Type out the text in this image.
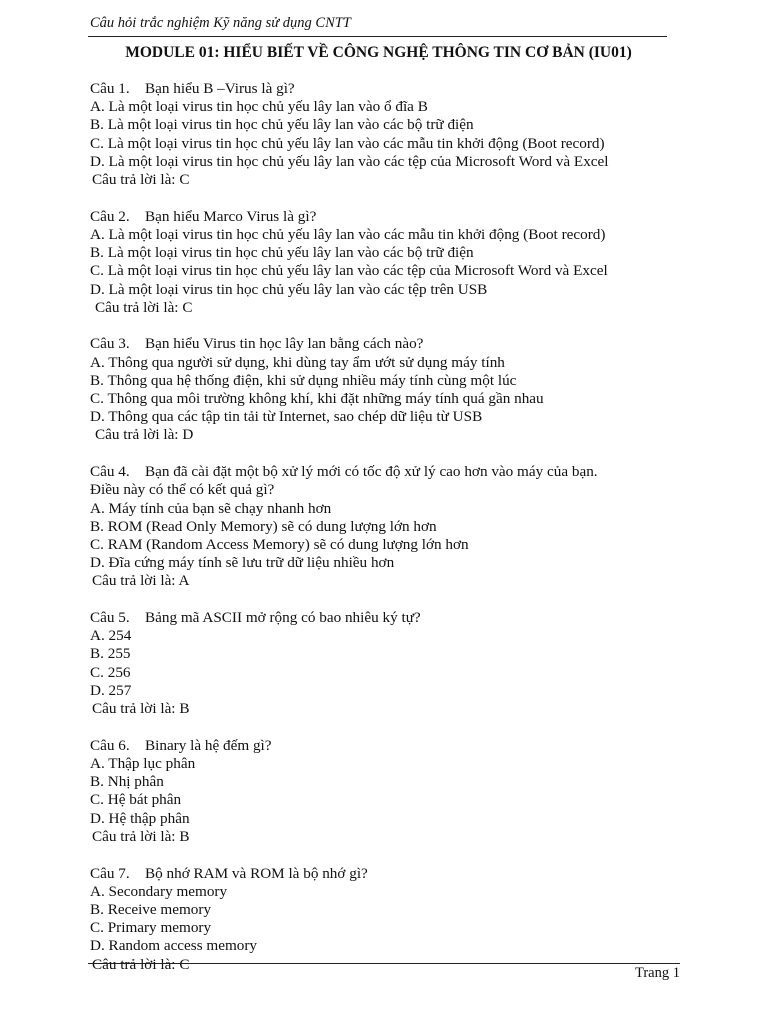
Câu hỏi trắc nghiệm Kỹ năng sử dụng CNTT
MODULE 01: HIỂU BIẾT VỀ CÔNG NGHỆ THÔNG TIN CƠ BẢN (IU01)
Câu 1. Bạn hiểu B –Virus là gì?
A. Là một loại virus tin học chủ yếu lây lan vào ổ đĩa B
B. Là một loại virus tin học chủ yếu lây lan vào các bộ trữ điện
C. Là một loại virus tin học chủ yếu lây lan vào các mẫu tin khởi động (Boot record)
D. Là một loại virus tin học chủ yếu lây lan vào các tệp của Microsoft Word và Excel
Câu trả lời là: C
Câu 2. Bạn hiểu Marco Virus là gì?
A. Là một loại virus tin học chủ yếu lây lan vào các mẫu tin khởi động (Boot record)
B. Là một loại virus tin học chủ yếu lây lan vào các bộ trữ điện
C. Là một loại virus tin học chủ yếu lây lan vào các tệp của Microsoft Word và Excel
D. Là một loại virus tin học chủ yếu lây lan vào các tệp trên USB
Câu trả lời là: C
Câu 3. Bạn hiểu Virus tin học lây lan bằng cách nào?
A. Thông qua người sử dụng, khi dùng tay ẩm ướt sử dụng máy tính
B. Thông qua hệ thống điện, khi sử dụng nhiều máy tính cùng một lúc
C. Thông qua môi trường không khí, khi đặt những máy tính quá gần nhau
D. Thông qua các tập tin tải từ Internet, sao chép dữ liệu từ USB
Câu trả lời là: D
Câu 4. Bạn đã cài đặt một bộ xử lý mới có tốc độ xử lý cao hơn vào máy của bạn.
Điều này có thể có kết quả gì?
A. Máy tính của bạn sẽ chạy nhanh hơn
B. ROM (Read Only Memory) sẽ có dung lượng lớn hơn
C. RAM (Random Access Memory) sẽ có dung lượng lớn hơn
D. Đĩa cứng máy tính sẽ lưu trữ dữ liệu nhiều hơn
Câu trả lời là: A
Câu 5. Bảng mã ASCII mở rộng có bao nhiêu ký tự?
A. 254
B. 255
C. 256
D. 257
Câu trả lời là: B
Câu 6. Binary là hệ đếm gì?
A. Thập lục phân
B. Nhị phân
C. Hệ bát phân
D. Hệ thập phân
Câu trả lời là: B
Câu 7. Bộ nhớ RAM và ROM là bộ nhớ gì?
A. Secondary memory
B. Receive memory
C. Primary memory
D. Random access memory
Câu trả lời là: C
Trang 1
